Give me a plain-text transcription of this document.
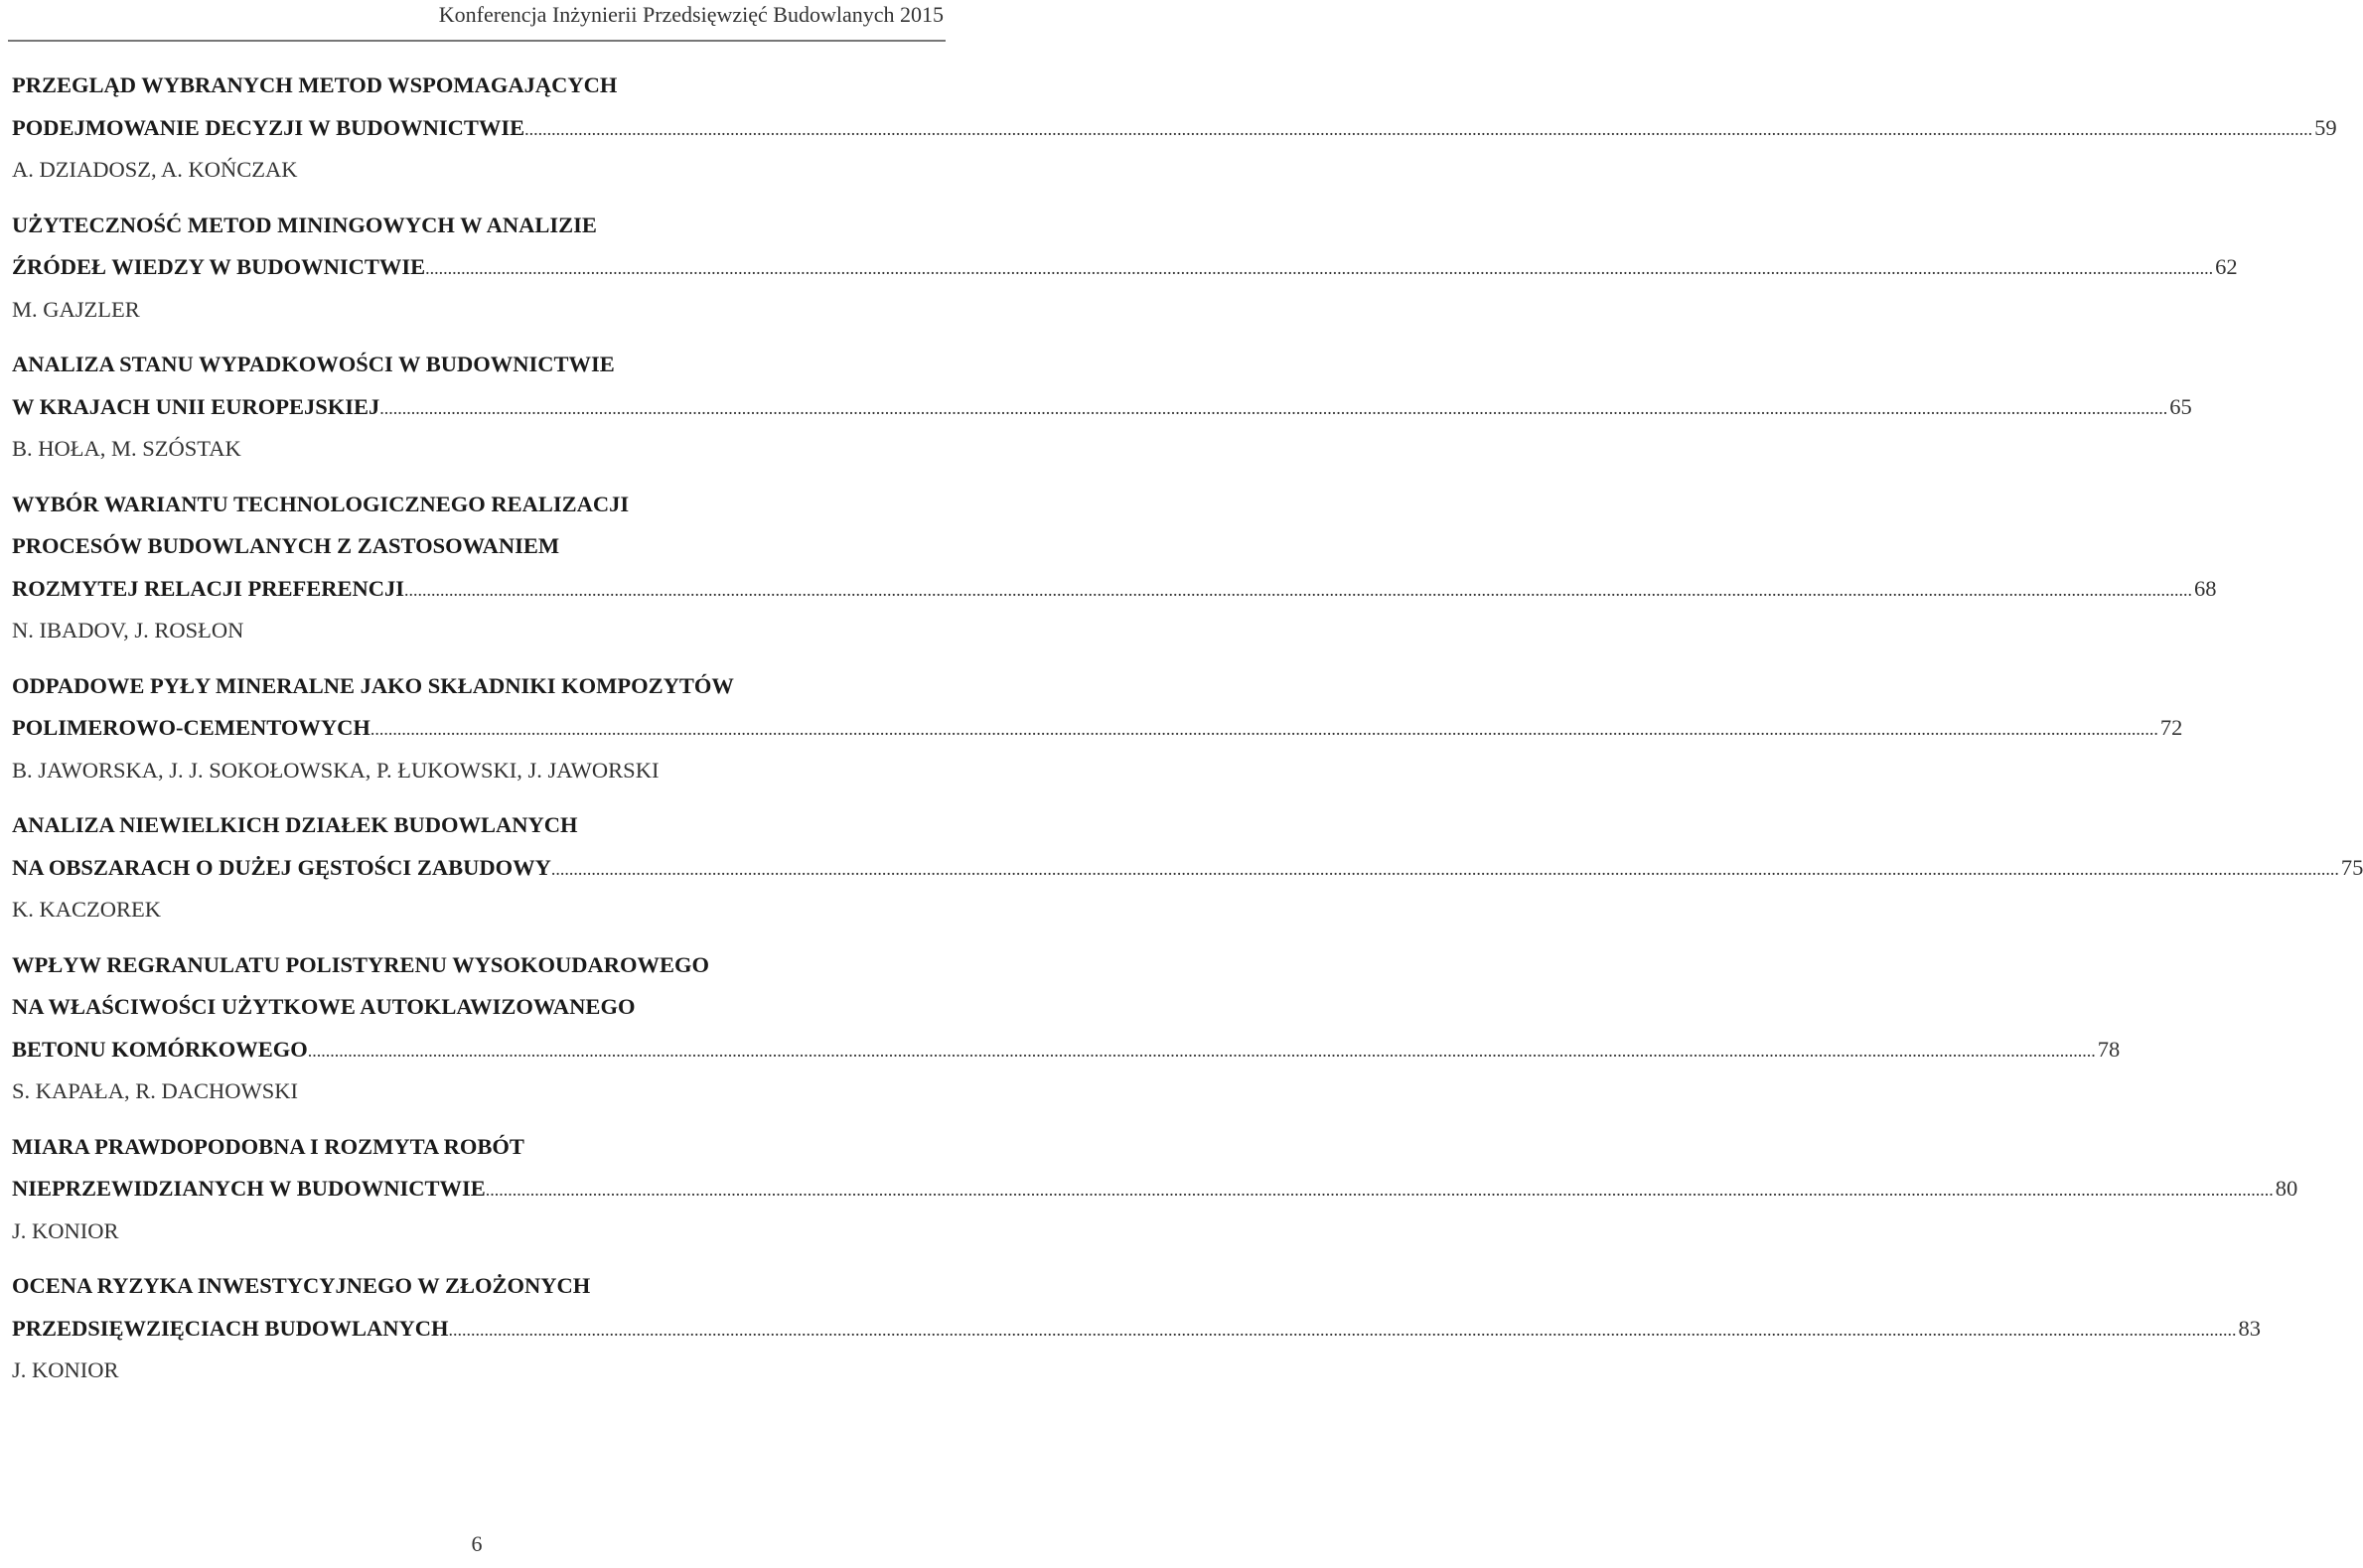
Konferencja Inżynierii Przedsięwzięć Budowlanych 2015
PRZEGLĄD WYBRANYCH METOD WSPOMAGAJĄCYCH
PODEJMOWANIE DECYZJI W BUDOWNICTWIE ................................................................................................................................................................................................................................................................................................................................................................................................................ 59
A. DZIADOSZ, A. KOŃCZAK
UŻYTECZNOŚĆ METOD MININGOWYCH W ANALIZIE
ŹRÓDEŁ WIEDZY W BUDOWNICTWIE ................................................................................................................................................................................................................................................................................................................................................................................................................ 62
M. GAJZLER
ANALIZA STANU WYPADKOWOŚCI W BUDOWNICTWIE
W KRAJACH UNII EUROPEJSKIEJ ................................................................................................................................................................................................................................................................................................................................................................................................................ 65
B. HOŁA, M. SZÓSTAK
WYBÓR WARIANTU TECHNOLOGICZNEGO REALIZACJI
PROCESÓW BUDOWLANYCH Z ZASTOSOWANIEM
ROZMYTEJ RELACJI PREFERENCJI ................................................................................................................................................................................................................................................................................................................................................................................................................ 68
N. IBADOV, J. ROSŁON
ODPADOWE PYŁY MINERALNE JAKO SKŁADNIKI KOMPOZYTÓW
POLIMEROWO-CEMENTOWYCH ................................................................................................................................................................................................................................................................................................................................................................................................................ 72
B. JAWORSKA, J. J. SOKOŁOWSKA, P. ŁUKOWSKI, J. JAWORSKI
ANALIZA NIEWIELKICH DZIAŁEK BUDOWLANYCH
NA OBSZARACH O DUŻEJ GĘSTOŚCI ZABUDOWY ................................................................................................................................................................................................................................................................................................................................................................................................................ 75
K. KACZOREK
WPŁYW REGRANULATU POLISTYRENU WYSOKOUDAROWEGO
NA WŁAŚCIWOŚCI UŻYTKOWE AUTOKLAWIZOWANEGO
BETONU KOMÓRKOWEGO ................................................................................................................................................................................................................................................................................................................................................................................................................ 78
S. KAPAŁA, R. DACHOWSKI
MIARA PRAWDOPODOBNA I ROZMYTA ROBÓT
NIEPRZEWIDZIANYCH W BUDOWNICTWIE ................................................................................................................................................................................................................................................................................................................................................................................................................ 80
J. KONIOR
OCENA RYZYKA INWESTYCYJNEGO W ZŁOŻONYCH
PRZEDSIĘWZIĘCIACH BUDOWLANYCH ................................................................................................................................................................................................................................................................................................................................................................................................................ 83
J. KONIOR
6
